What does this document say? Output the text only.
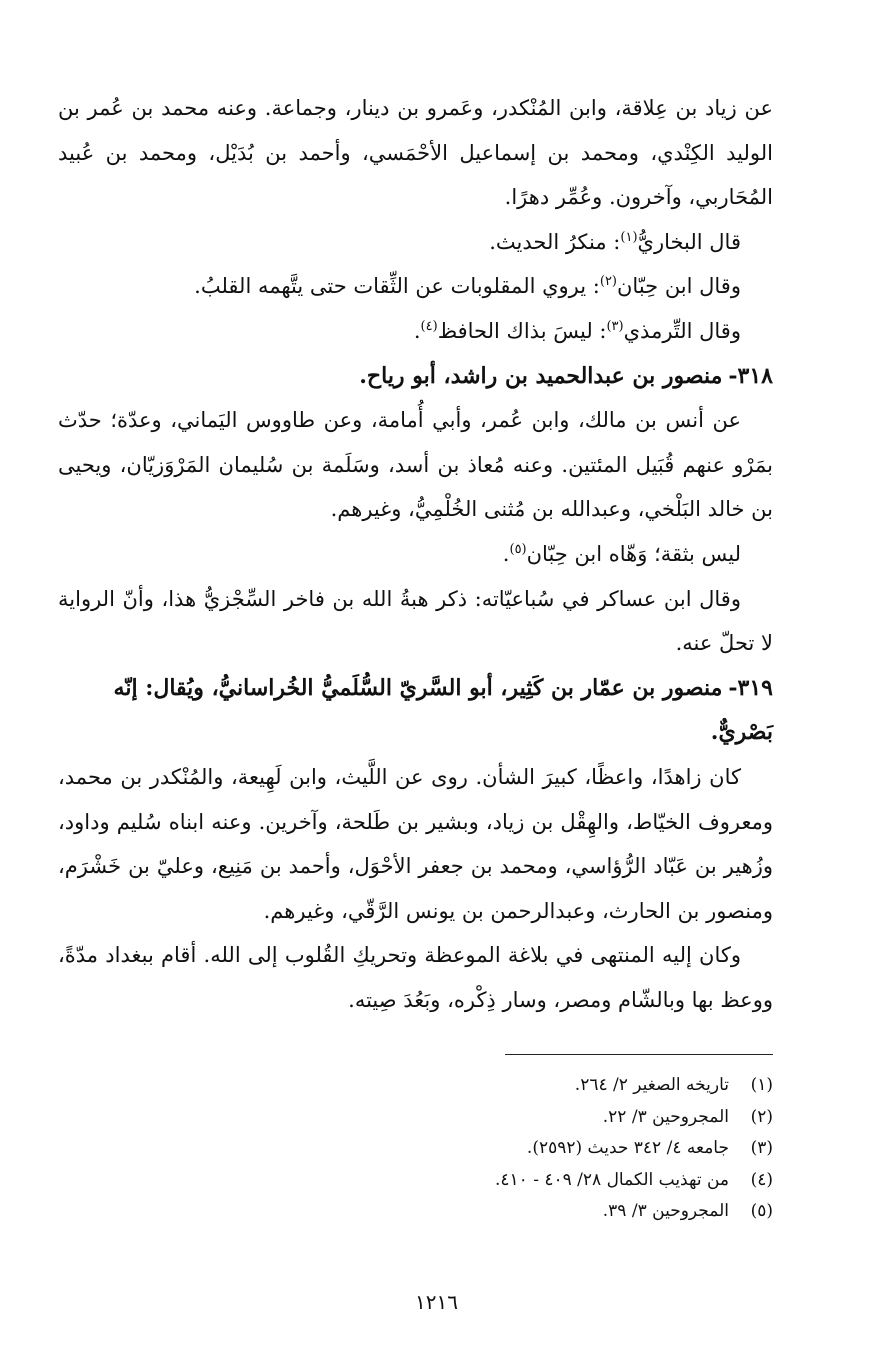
عن زياد بن عِلاقة، وابن المُنْكدر، وعَمرو بن دينار، وجماعة. وعنه محمد بن عُمر بن الوليد الكِنْدي، ومحمد بن إسماعيل الأحْمَسي، وأحمد بن بُدَيْل، ومحمد بن عُبيد المُحَاربي، وآخرون. وعُمِّر دهرًا.

قال البخاريُّ$^{(١)}$: منكرُ الحديث.

وقال ابن حِبّان$^{(٢)}$: يروي المقلوبات عن الثِّقات حتى يتَّهمه القلبُ.

وقال التِّرمذي$^{(٣)}$: ليسَ بذاك الحافظ$^{(٤)}$.

٣١٨-منصور بن عبدالحميد بن راشد، أبو رياح.

عن أنس بن مالك، وابن عُمر، وأبي أُمامة، وعن طاووس اليَماني، وعدّة؛ حدّث بمَرْو عنهم قُبَيل المئتين. وعنه مُعاذ بن أسد، وسَلَمة بن سُليمان المَرْوَزيّان، ويحيى بن خالد البَلْخي، وعبدالله بن مُثنى الخُلْمِيُّ، وغيرهم.

ليس بثقة؛ وَهّاه ابن حِبّان$^{(٥)}$.

وقال ابن عساكر في سُباعيّاته: ذكر هبةُ الله بن فاخر السِّجْزيُّ هذا، وأنّ الرواية لا تحلّ عنه.

٣١٩-منصور بن عمّار بن كَثِير، أبو السَّريّ السُّلَميُّ الخُراسانيُّ، ويُقال: إنّه بَصْريٌّ.

كان زاهدًا، واعظًا، كبيرَ الشأن. روى عن اللَّيث، وابن لَهِيعة، والمُنْكدر بن محمد، ومعروف الخيّاط، والهِقْل بن زياد، وبشير بن طَلحة، وآخرين. وعنه ابناه سُليم وداود، وزُهير بن عَبّاد الرُّؤاسي، ومحمد بن جعفر الأحْوَل، وأحمد بن مَنِيع، وعليّ بن خَشْرَم، ومنصور بن الحارث، وعبدالرحمن بن يونس الرَّقّي، وغيرهم.

وكان إليه المنتهى في بلاغة الموعظة وتحريكِ القُلوب إلى الله. أقام ببغداد مدّةً، ووعظ بها وبالشّام ومصر، وسار ذِكْره، وبَعُدَ صِيته.

(١)
تاريخه الصغير ٢/ ٢٦٤.
(٢)
المجروحين ٣/ ٢٢.
(٣)
جامعه ٤/ ٣٤٢ حديث (٢٥٩٢).
(٤)
من تهذيب الكمال ٢٨/ ٤٠٩ - ٤١٠.
(٥)
المجروحين ٣/ ٣٩.
١٢١٦
